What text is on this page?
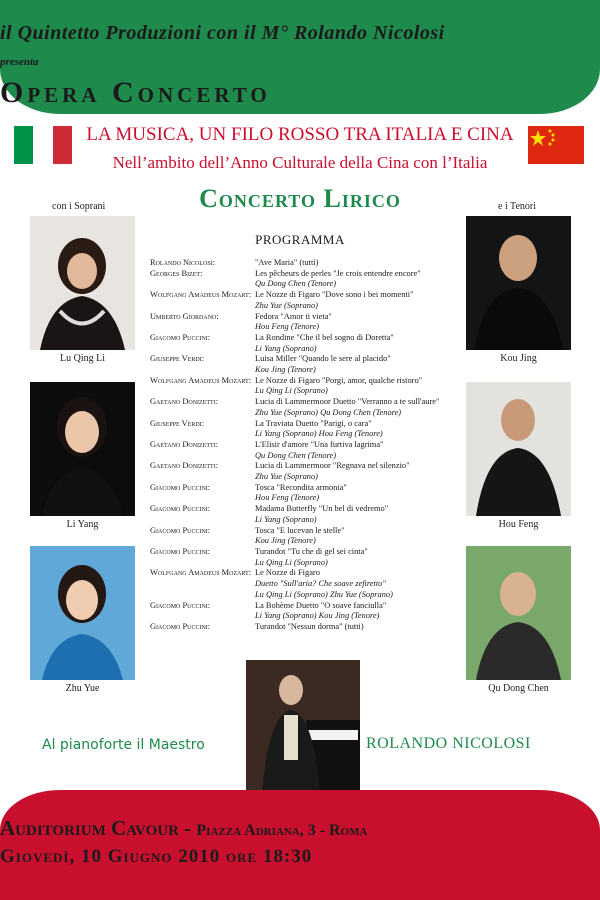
il Quintetto Produzioni con il M° Rolando Nicolosi
presenta
Opera Concerto
LA MUSICA, UN FILO ROSSO TRA ITALIA E CINA
Nell’ambito dell’Anno Culturale della Cina con l’Italia
Concerto Lirico
con i Soprani	e i Tenori
Lu Qing Li
Li Yang
Zhu Yue
Kou Jing
Hou Feng
Qu Dong Chen
PROGRAMMA
Rolando Nicolosi:	"Ave Maria" (tutti)
Georges Bizet:	Les pêcheurs de perles "Je crois entendre encore"
Qu Dong Chen (Tenore)
Wolfgang Amadeus Mozart: Le Nozze di Figaro "Dove sono i bei momenti"
Zhu Yue (Soprano)
Umberto Giordano:	Fedora "Amor ti vieta"
Hou Feng (Tenore)
Giacomo Puccini:	La Rondine "Che il bel sogno di Doretta"
Li Yang (Soprano)
Giuseppe Verdi:	Luisa Miller "Quando le sere al placido"
Kou Jing (Tenore)
Wolfgang Amadeus Mozart: Le Nozze di Figaro "Porgi, amor, qualche ristoro"
Lu Qing Li (Soprano)
Gaetano Donizetti:	Lucia di Lammermoor Duetto "Verranno a te sull'aure"
Zhu Yue (Soprano) Qu Dong Chen (Tenore)
Giuseppe Verdi:	La Traviata Duetto "Parigi, o cara"
Li Yang (Soprano) Hou Feng (Tenore)
Gaetano Donizetti:	L'Elisir d'amore "Una furtiva lagrima"
Qu Dong Chen (Tenore)
Gaetano Donizetti:	Lucia di Lammermoor "Regnava nel silenzio"
Zhu Yue (Soprano)
Giacomo Puccini:	Tosca "Recondita armonia"
Hou Feng (Tenore)
Giacomo Puccini:	Madama Butterfly "Un bel di vedremo"
Li Yang (Soprano)
Giacomo Puccini:	Tosca "E lucevan le stelle"
Kou Jing (Tenore)
Giacomo Puccini:	Turandot "Tu che di gel sei cinta"
Lu Qing Li (Soprano)
Wolfgang Amadeus Mozart: Le Nozze di Figaro
Duetto "Sull'aria? Che soave zefiretto"
Lu Qing Li (Soprano) Zhu Yue (Soprano)
Giacomo Puccini:	La Bohème Duetto "O soave fanciulla"
Li Yang (Soprano) Kou Jing (Tenore)
Giacomo Puccini:	Turandot "Nessun dorma" (tutti)
Al pianoforte il Maestro	ROLANDO NICOLOSI
Auditorium Cavour - Piazza Adriana, 3 - Roma
Giovedì, 10 Giugno 2010 ore 18:30
